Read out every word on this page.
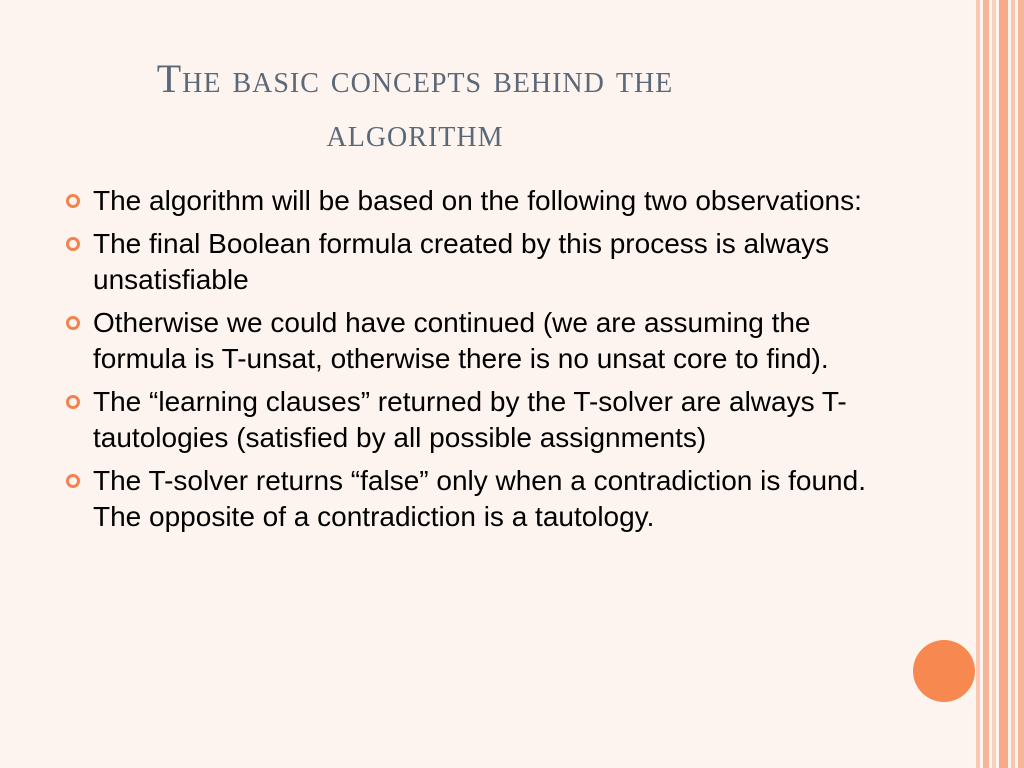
The basic concepts behind the algorithm
The algorithm will be based on the following two observations:
The final Boolean formula created by this process is always unsatisfiable
Otherwise we could have continued (we are assuming the formula is T-unsat, otherwise there is no unsat core to find).
The “learning clauses” returned by the T-solver are always T-tautologies (satisfied by all possible assignments)
The T-solver returns “false” only when a contradiction is found. The opposite of a contradiction is a tautology.
